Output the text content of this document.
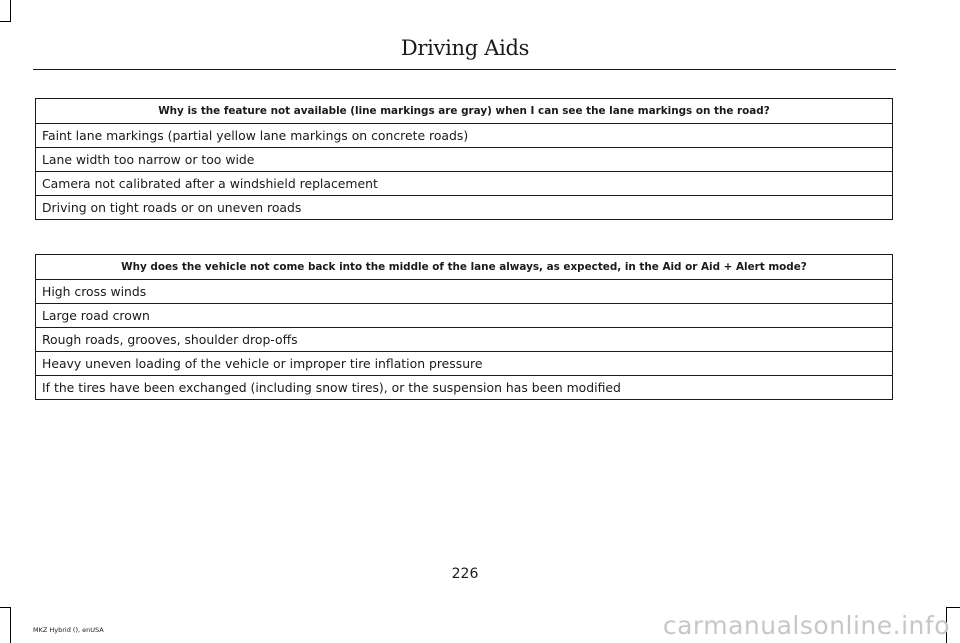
Driving Aids
Why is the feature not available (line markings are gray) when I can see the lane markings on the road?
Faint lane markings (partial yellow lane markings on concrete roads)
Lane width too narrow or too wide
Camera not calibrated after a windshield replacement
Driving on tight roads or on uneven roads
Why does the vehicle not come back into the middle of the lane always, as expected, in the Aid or Aid + Alert mode?
High cross winds
Large road crown
Rough roads, grooves, shoulder drop-offs
Heavy uneven loading of the vehicle or improper tire inflation pressure
If the tires have been exchanged (including snow tires), or the suspension has been modified
226
MKZ Hybrid (), enUSA	carmanualsonline.info
